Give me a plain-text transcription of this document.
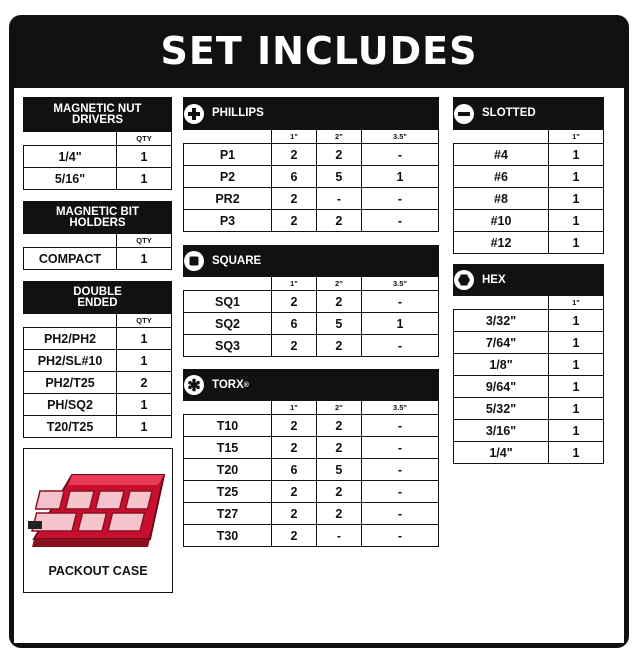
SET INCLUDES
MAGNETIC NUT
DRIVERS	

	QTY
1/4"	1
5/16"	1
MAGNETIC BIT
HOLDERS	

	QTY
COMPACT	1
DOUBLE
ENDED	

	QTY
PH2/PH2	1
PH2/SL#10	1
PH2/T25	2
PH/SQ2	1
T20/T25	1
PACKOUT CASE
PHILLIPS			

	1"	2"	3.5"
P1	2	2	-
P2	6	5	1
PR2	2	-	-
P3	2	2	-
SQUARE			

	1"	2"	3.5"
SQ1	2	2	-
SQ2	6	5	1
SQ3	2	2	-
TORX ®			

	1"	2"	3.5"
T10	2	2	-
T15	2	2	-
T20	6	5	-
T25	2	2	-
T27	2	2	-
T30	2	-	-
SLOTTED	

	1"
#4	1
#6	1
#8	1
#10	1
#12	1
HEX	

	1"
3/32"	1
7/64"	1
1/8"	1
9/64"	1
5/32"	1
3/16"	1
1/4"	1
